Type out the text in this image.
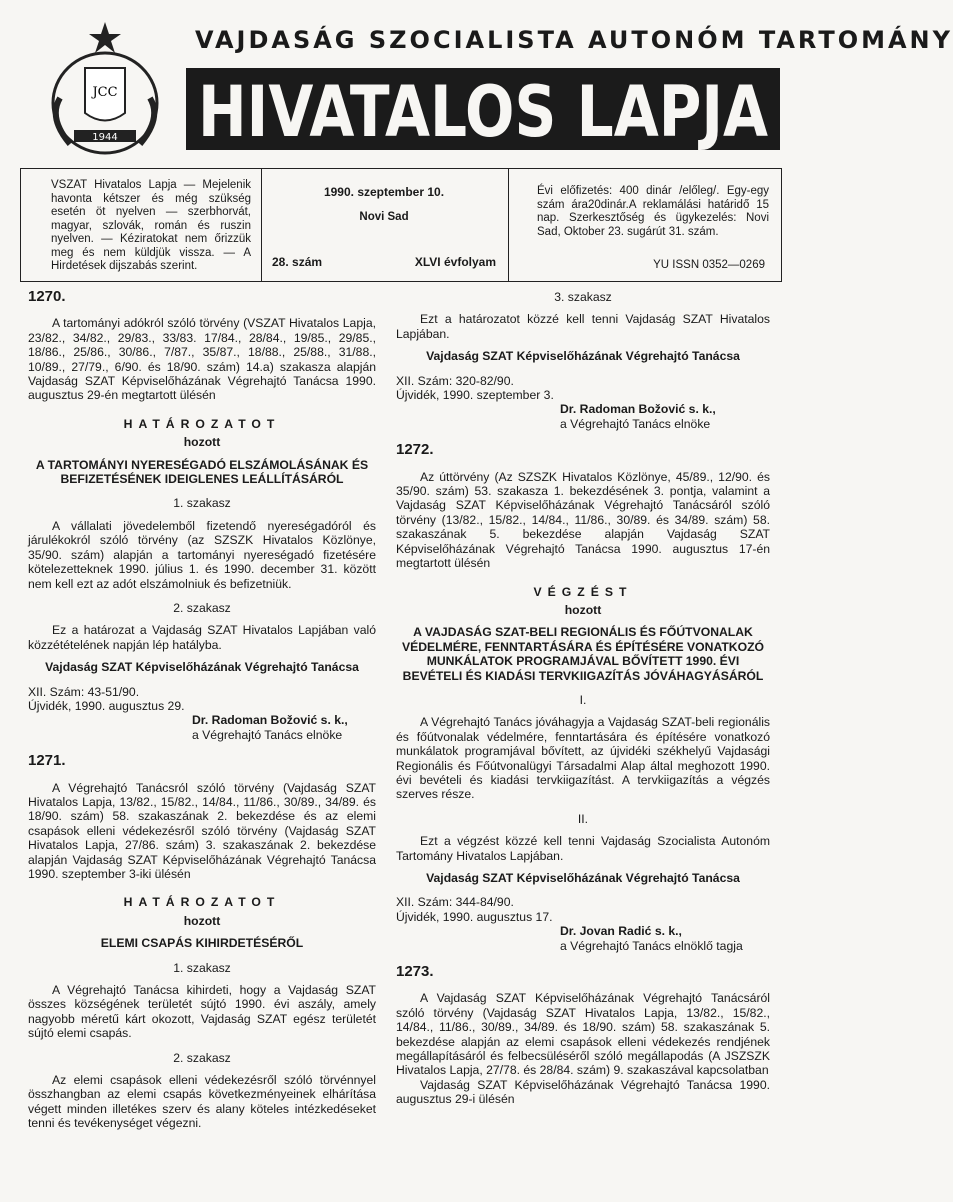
ЈСС
1944
VAJDASÁG SZOCIALISTA AUTONÓM TARTOMÁNY
HIVATALOS LAPJA

VSZAT Hivatalos Lapja — Mejelenik havonta kétszer és még szükség esetén öt nyelven — szerbhorvát, magyar, szlovák, román és ruszin nyelven. — Kéziratokat nem őrizzük meg és nem küldjük vissza. — A Hirdetések dijszabás szerint.

1990. szeptember 10.
Novi Sad
28. szám	XLVI évfolyam

Évi előfizetés: 400 dinár /előleg/. Egy-egy szám ára20dinár.A reklamálási határidő 15 nap. Szerkesztőség és ügykezelés: Novi Sad, Oktober 23. sugárút 31. szám.

YU ISSN 0352—0269
1270.

A tartományi adókról szóló törvény (VSZAT Hivatalos Lapja, 23/82., 34/82., 29/83., 33/83. 17/84., 28/84., 19/85., 29/85., 18/86., 25/86., 30/86., 7/87., 35/87., 18/88., 25/88., 31/88., 10/89., 27/79., 6/90. és 18/90. szám) 14.a) szakasza alapján Vajdaság SZAT Képviselőházának Végrehajtó Tanácsa 1990. augusztus 29-én megtartott ülésén

HATÁROZATOT
hozott
A TARTOMÁNYI NYERESÉGADÓ ELSZÁMOLÁSÁNAK ÉS BEFIZETÉSÉNEK IDEIGLENES LEÁLLÍTÁSÁRÓL
1. szakasz

A vállalati jövedelemből fizetendő nyereségadóról és járulékokról szóló törvény (az SZSZK Hivatalos Közlönye, 35/90. szám) alapján a tartományi nyereségadó fizetésére kötelezetteknek 1990. július 1. és 1990. december 31. között nem kell ezt az adót elszámolniuk és befizetniük.

2. szakasz

Ez a határozat a Vajdaság SZAT Hivatalos Lapjában való közzétételének napján lép hatályba.

Vajdaság SZAT Képviselőházának Végrehajtó Tanácsa
XII. Szám: 43-51/90.
Újvidék, 1990. augusztus 29.
Dr. Radoman Božović s. k.,
a Végrehajtó Tanács elnöke
1271.

A Végrehajtó Tanácsról szóló törvény (Vajdaság SZAT Hivatalos Lapja, 13/82., 15/82., 14/84., 11/86., 30/89., 34/89. és 18/90. szám) 58. szakaszának 2. bekezdése és az elemi csapások elleni védekezésről szóló törvény (Vajdaság SZAT Hivatalos Lapja, 27/86. szám) 3. szakaszának 2. bekezdése alapján Vajdaság SZAT Képviselőházának Végrehajtó Tanácsa 1990. szeptember 3-iki ülésén

HATÁROZATOT
hozott
ELEMI CSAPÁS KIHIRDETÉSÉRŐL
1. szakasz

A Végrehajtó Tanácsa kihirdeti, hogy a Vajdaság SZAT összes községének területét sújtó 1990. évi aszály, amely nagyobb méretű kárt okozott, Vajdaság SZAT egész területét sújtó elemi csapás.

2. szakasz

Az elemi csapások elleni védekezésről szóló törvénnyel összhangban az elemi csapás következményeinek elhárítása végett minden illetékes szerv és alany köteles intézkedéseket tenni és tevékenységet végezni.

3. szakasz

Ezt a határozatot közzé kell tenni Vajdaság SZAT Hivatalos Lapjában.

Vajdaság SZAT Képviselőházának Végrehajtó Tanácsa
XII. Szám: 320-82/90.
Újvidék, 1990. szeptember 3.
Dr. Radoman Božović s. k.,
a Végrehajtó Tanács elnöke
1272.

Az úttörvény (Az SZSZK Hivatalos Közlönye, 45/89., 12/90. és 35/90. szám) 53. szakasza 1. bekezdésének 3. pontja, valamint a Vajdaság SZAT Képviselőházának Végrehajtó Tanácsáról szóló törvény (13/82., 15/82., 14/84., 11/86., 30/89. és 34/89. szám) 58. szakaszának 5. bekezdése alapján Vajdaság SZAT Képviselőházának Végrehajtó Tanácsa 1990. augusztus 17-én megtartott ülésén

VÉGZÉST
hozott
A VAJDASÁG SZAT-BELI REGIONÁLIS ÉS FŐÚTVONALAK VÉDELMÉRE, FENNTARTÁSÁRA ÉS ÉPÍTÉSÉRE VONATKOZÓ MUNKÁLATOK PROGRAMJÁVAL BŐVÍTETT 1990. ÉVI BEVÉTELI ÉS KIADÁSI TERVKIIGAZÍTÁS JÓVÁHAGYÁSÁRÓL
I.

A Végrehajtó Tanács jóváhagyja a Vajdaság SZAT-beli regionális és főútvonalak védelmére, fenntartására és építésére vonatkozó munkálatok programjával bővített, az újvidéki székhelyű Vajdasági Regionális és Főútvonalügyi Társadalmi Alap által meghozott 1990. évi bevételi és kiadási tervkiigazítást. A tervkiigazítás a végzés szerves része.

II.

Ezt a végzést közzé kell tenni Vajdaság Szocialista Autonóm Tartomány Hivatalos Lapjában.

Vajdaság SZAT Képviselőházának Végrehajtó Tanácsa
XII. Szám: 344-84/90.
Újvidék, 1990. augusztus 17.
Dr. Jovan Radić s. k.,
a Végrehajtó Tanács elnöklő tagja
1273.

A Vajdaság SZAT Képviselőházának Végrehajtó Tanácsáról szóló törvény (Vajdaság SZAT Hivatalos Lapja, 13/82., 15/82., 14/84., 11/86., 30/89., 34/89. és 18/90. szám) 58. szakaszának 5. bekezdése alapján az elemi csapások elleni védekezés rendjének megállapításáról és felbecsüléséről szóló megállapodás (A JSZSZK Hivatalos Lapja, 27/78. és 28/84. szám) 9. szakaszával kapcsolatban

Vajdaság SZAT Képviselőházának Végrehajtó Tanácsa 1990. augusztus 29-i ülésén
